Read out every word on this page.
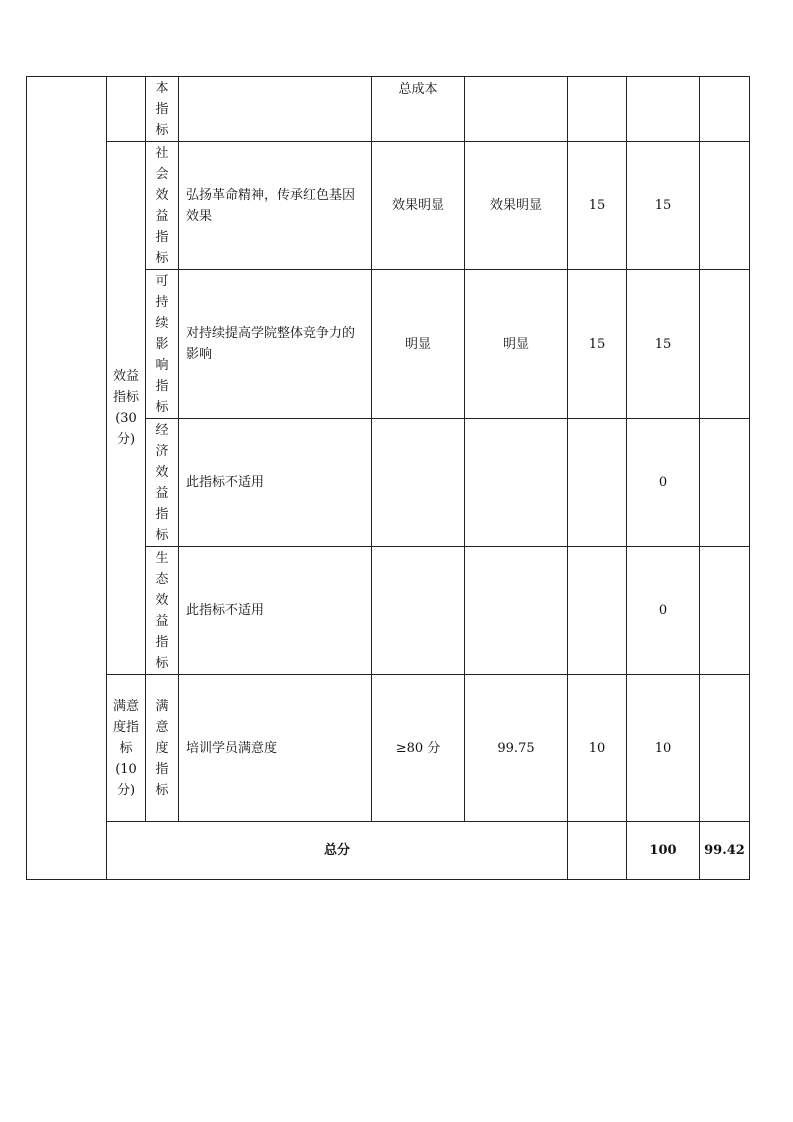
		本指标		总成本					

	效益指标(30分)	社会效益指标	弘扬革命精神，传承红色基因效果	效果明显	效果明显	15	15		

		可持续影响指标	对持续提高学院整体竞争力的影响	明显	明显	15	15		

		经济效益指标	此指标不适用				0		

		生态效益指标	此指标不适用				0		

	满意度指标(10分)	满意度指标	培训学员满意度	≥80 分	99.75	10	10		
	总分						100	99.42	
